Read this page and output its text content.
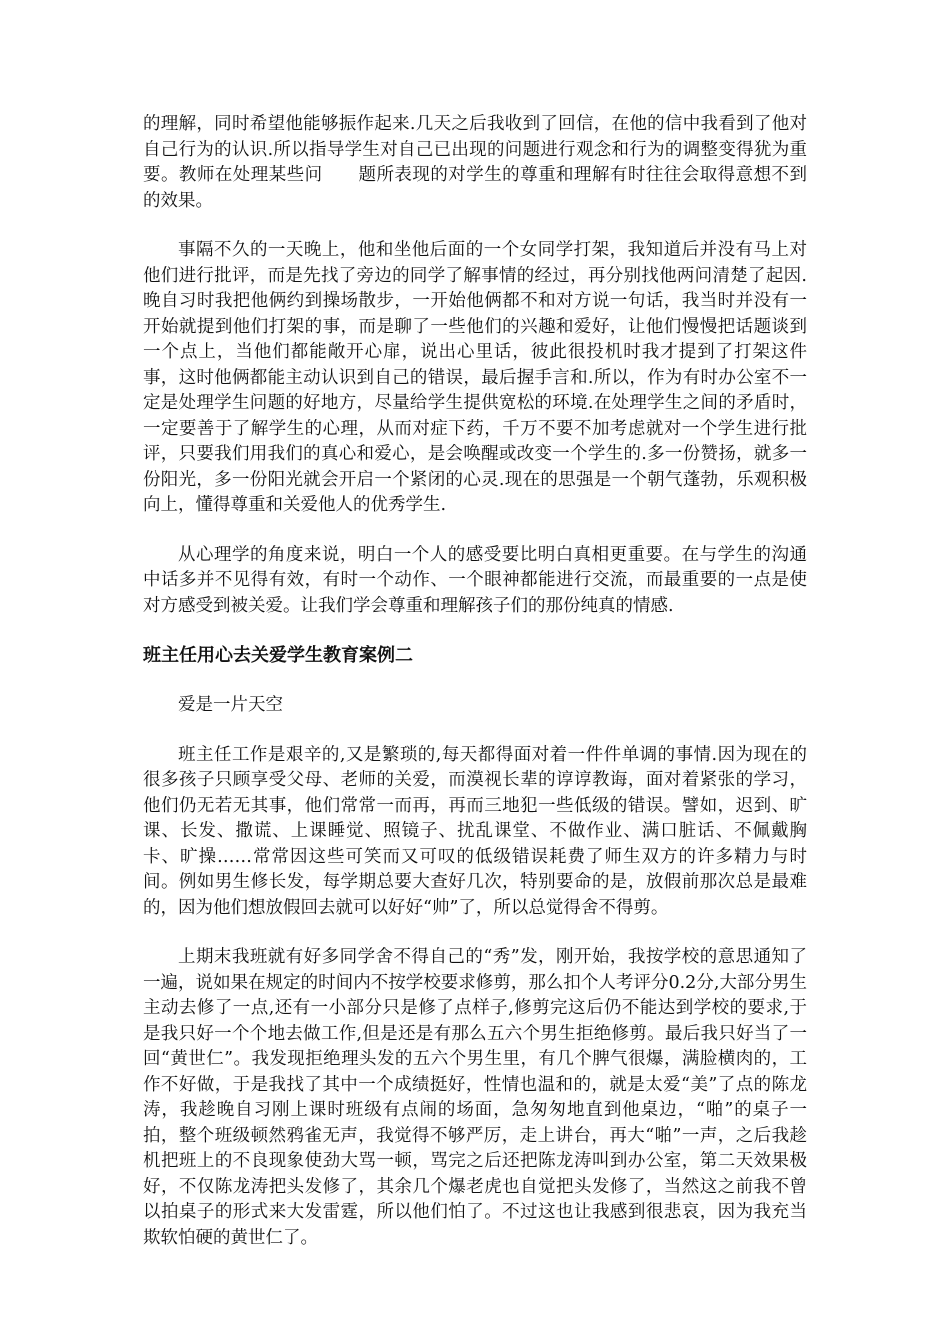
的理解，同时希望他能够振作起来.几天之后我收到了回信，在他的信中我看到了他对自己行为的认识.所以指导学生对自己已出现的问题进行观念和行为的调整变得犹为重要。教师在处理某些问　　题所表现的对学生的尊重和理解有时往往会取得意想不到的效果。

事隔不久的一天晚上，他和坐他后面的一个女同学打架，我知道后并没有马上对他们进行批评，而是先找了旁边的同学了解事情的经过，再分别找他两问清楚了起因.晚自习时我把他俩约到操场散步，一开始他俩都不和对方说一句话，我当时并没有一开始就提到他们打架的事，而是聊了一些他们的兴趣和爱好，让他们慢慢把话题谈到一个点上，当他们都能敞开心扉，说出心里话，彼此很投机时我才提到了打架这件事，这时他俩都能主动认识到自己的错误，最后握手言和.所以，作为有时办公室不一定是处理学生问题的好地方，尽量给学生提供宽松的环境.在处理学生之间的矛盾时，一定要善于了解学生的心理，从而对症下药，千万不要不加考虑就对一个学生进行批评，只要我们用我们的真心和爱心，是会唤醒或改变一个学生的.多一份赞扬，就多一份阳光，多一份阳光就会开启一个紧闭的心灵.现在的思强是一个朝气蓬勃，乐观积极向上，懂得尊重和关爱他人的优秀学生.

从心理学的角度来说，明白一个人的感受要比明白真相更重要。在与学生的沟通中话多并不见得有效，有时一个动作、一个眼神都能进行交流，而最重要的一点是使对方感受到被关爱。让我们学会尊重和理解孩子们的那份纯真的情感.

班主任用心去关爱学生教育案例二

爱是一片天空

班主任工作是艰辛的,又是繁琐的,每天都得面对着一件件单调的事情.因为现在的很多孩子只顾享受父母、老师的关爱，而漠视长辈的谆谆教诲，面对着紧张的学习，他们仍无若无其事，他们常常一而再，再而三地犯一些低级的错误。譬如，迟到、旷课、长发、撒谎、上课睡觉、照镜子、扰乱课堂、不做作业、满口脏话、不佩戴胸卡、旷操……常常因这些可笑而又可叹的低级错误耗费了师生双方的许多精力与时间。例如男生修长发，每学期总要大查好几次，特别要命的是，放假前那次总是最难的，因为他们想放假回去就可以好好“帅”了，所以总觉得舍不得剪。

上期末我班就有好多同学舍不得自己的“秀”发，刚开始，我按学校的意思通知了一遍，说如果在规定的时间内不按学校要求修剪，那么扣个人考评分0.2分,大部分男生主动去修了一点,还有一小部分只是修了点样子,修剪完这后仍不能达到学校的要求,于是我只好一个个地去做工作,但是还是有那么五六个男生拒绝修剪。最后我只好当了一回“黄世仁”。我发现拒绝理头发的五六个男生里，有几个脾气很爆，满脸横肉的，工作不好做，于是我找了其中一个成绩挺好，性情也温和的，就是太爱“美”了点的陈龙涛，我趁晚自习刚上课时班级有点闹的场面，急匆匆地直到他桌边，“啪”的桌子一拍，整个班级顿然鸦雀无声，我觉得不够严厉，走上讲台，再大“啪”一声，之后我趁机把班上的不良现象使劲大骂一顿，骂完之后还把陈龙涛叫到办公室，第二天效果极好，不仅陈龙涛把头发修了，其余几个爆老虎也自觉把头发修了，当然这之前我不曾以拍桌子的形式来大发雷霆，所以他们怕了。不过这也让我感到很悲哀，因为我充当欺软怕硬的黄世仁了。
